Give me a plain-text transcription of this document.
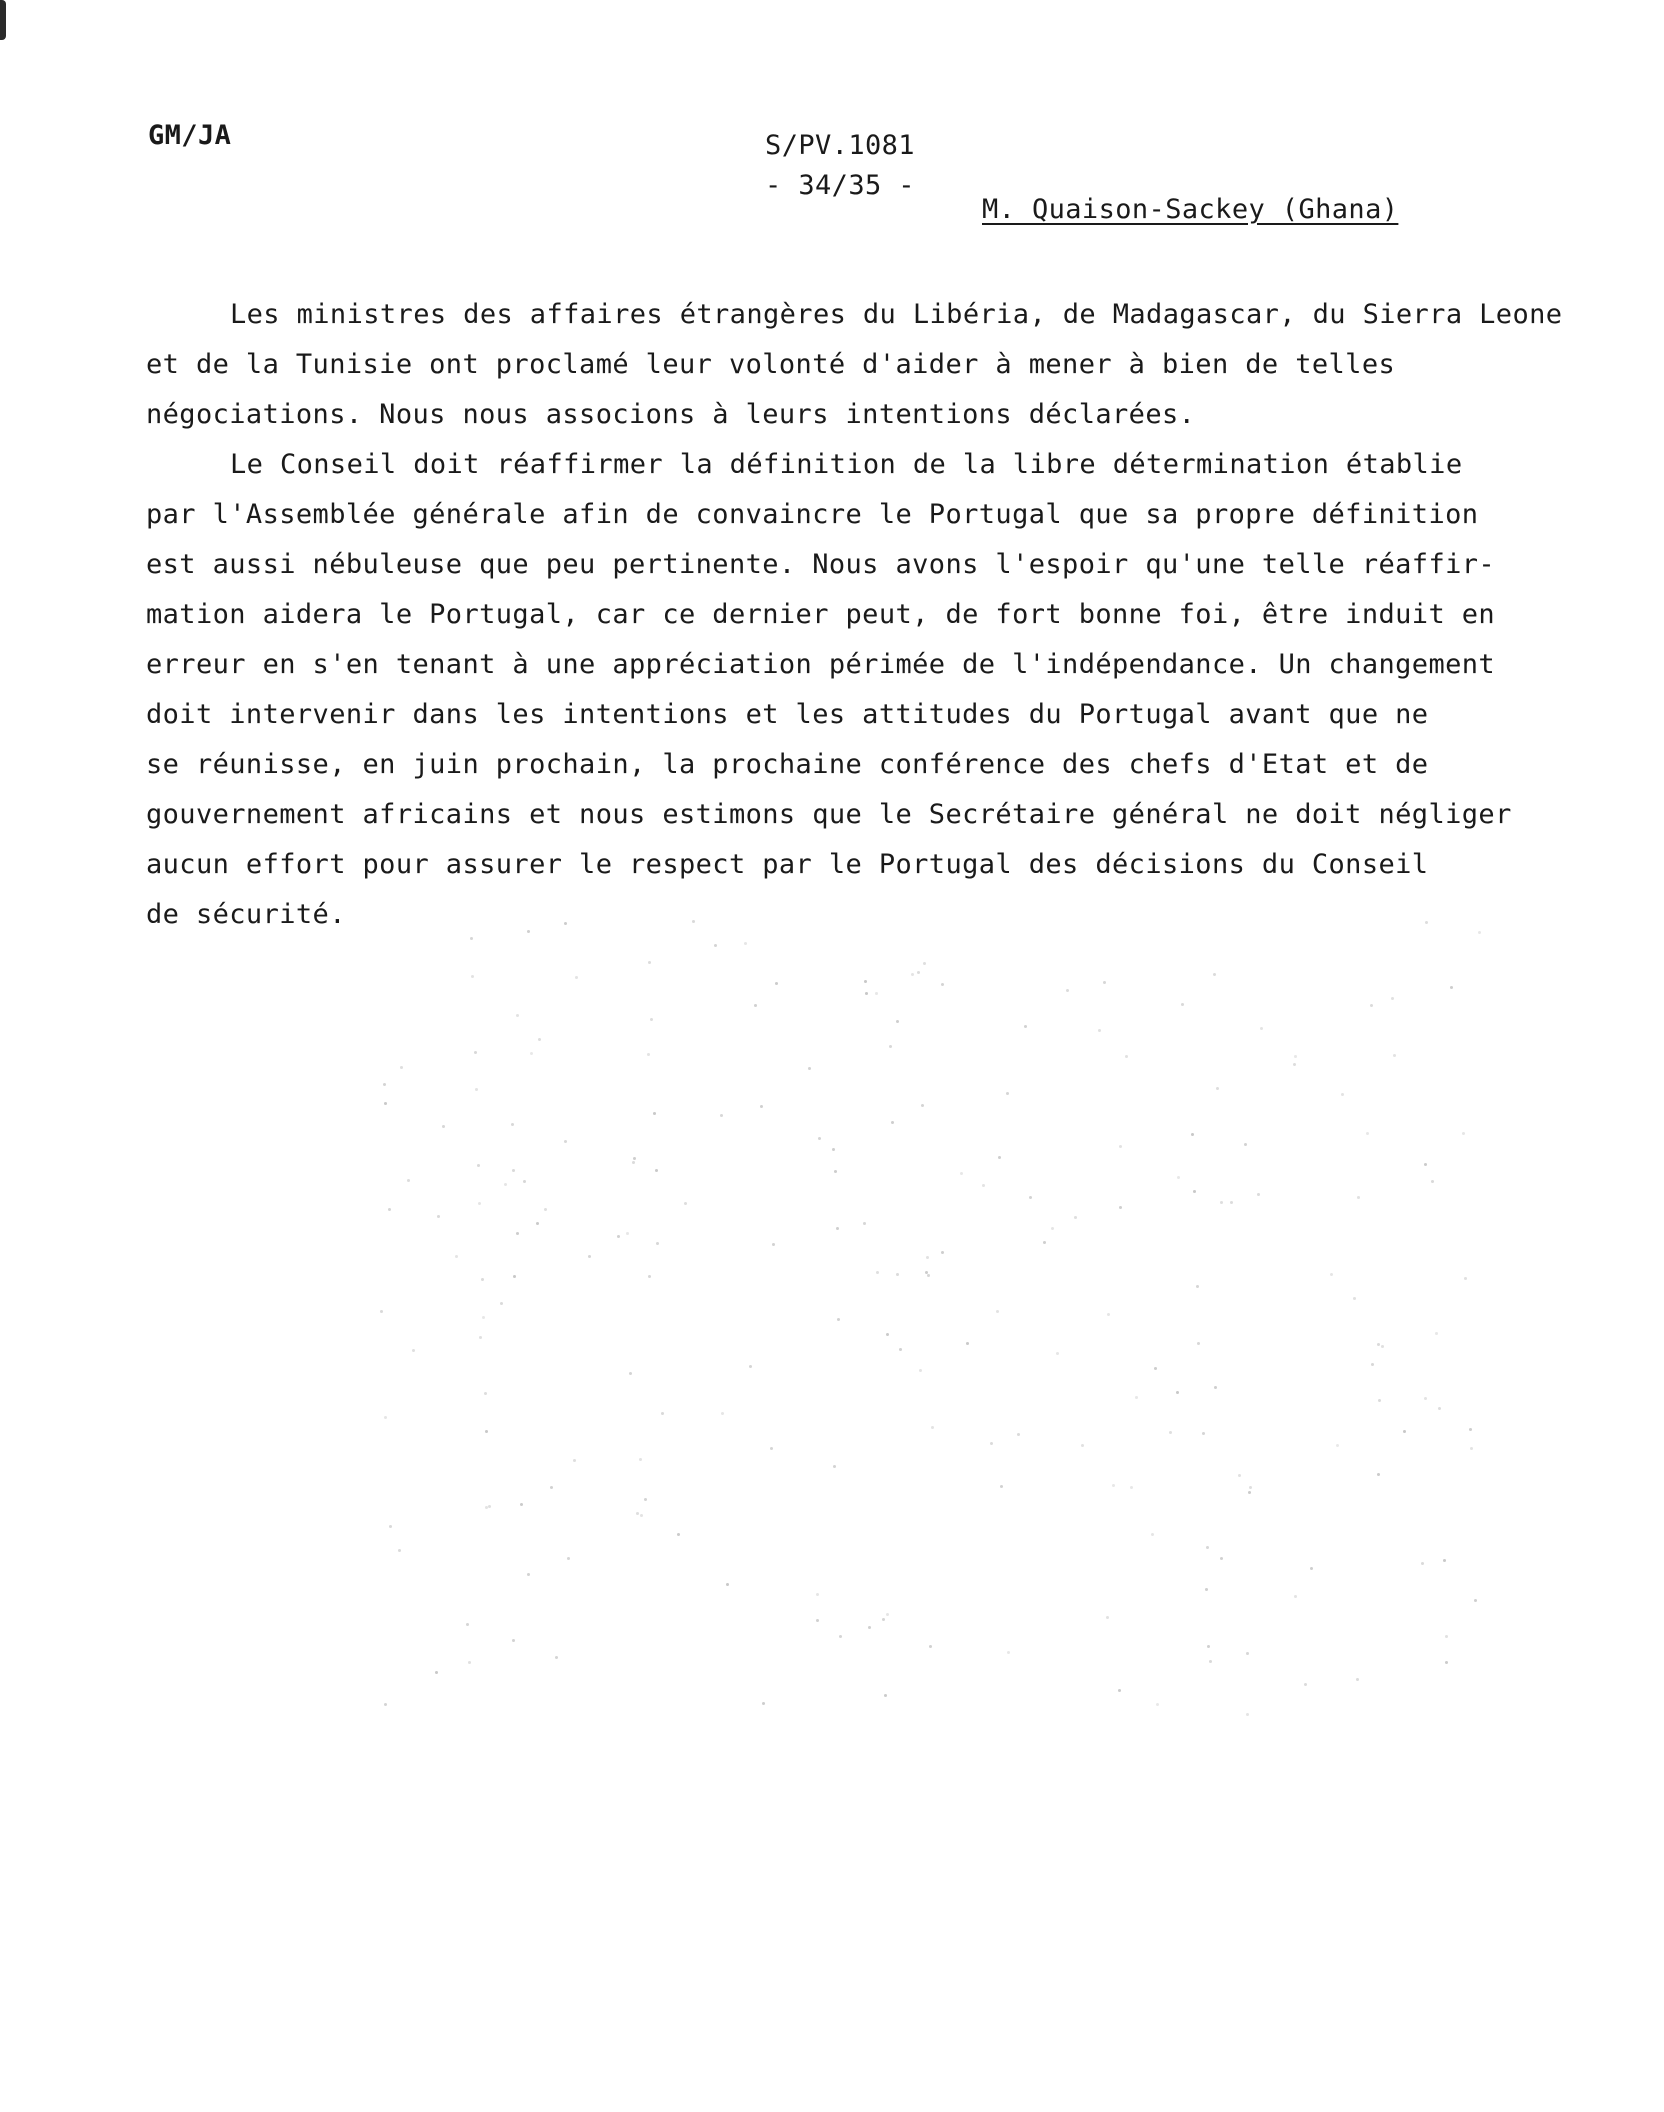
GM/JA	S/PV.1081
- 34/35 -
M. Quaison-Sackey (Ghana)
Les ministres des affaires étrangères du Libéria, de Madagascar, du Sierra Leone
et de la Tunisie ont proclamé leur volonté d'aider à mener à bien de telles
négociations. Nous nous associons à leurs intentions déclarées.
Le Conseil doit réaffirmer la définition de la libre détermination établie
par l'Assemblée générale afin de convaincre le Portugal que sa propre définition
est aussi nébuleuse que peu pertinente. Nous avons l'espoir qu'une telle réaffir-
mation aidera le Portugal, car ce dernier peut, de fort bonne foi, être induit en
erreur en s'en tenant à une appréciation périmée de l'indépendance. Un changement
doit intervenir dans les intentions et les attitudes du Portugal avant que ne
se réunisse, en juin prochain, la prochaine conférence des chefs d'Etat et de
gouvernement africains et nous estimons que le Secrétaire général ne doit négliger
aucun effort pour assurer le respect par le Portugal des décisions du Conseil
de sécurité.
